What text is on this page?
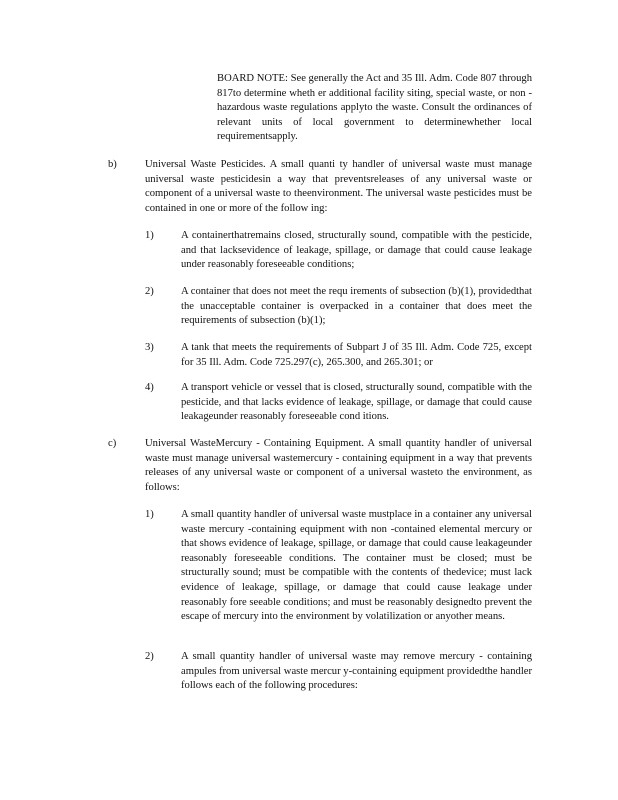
BOARD NOTE: See generally the Act and 35 Ill. Adm. Code 807 through 817to determine wheth er additional facility siting, special waste, or non -hazardous waste regulations applyto the waste. Consult the ordinances of relevant units of local government to determinewhether local requirementsapply.

b)	Universal Waste Pesticides. A small quanti ty handler of universal waste must manage universal waste pesticidesin a way that preventsreleases of any universal waste or component of a universal waste to theenvironment. The universal waste pesticides must be contained in one or more of the follow ing:

1)	A containerthatremains closed, structurally sound, compatible with the pesticide, and that lacksevidence of leakage, spillage, or damage that could cause leakage under reasonably foreseeable conditions;

2)	A container that does not meet the requ irements of subsection (b)(1), providedthat the unacceptable container is overpacked in a container that does meet the requirements of subsection (b)(1);

3)	A tank that meets the requirements of Subpart J of 35 Ill. Adm. Code 725, except for 35 Ill. Adm. Code 725.297(c), 265.300, and 265.301; or

4)	A transport vehicle or vessel that is closed, structurally sound, compatible with the pesticide, and that lacks evidence of leakage, spillage, or damage that could cause leakageunder reasonably foreseeable cond itions.

c)	Universal WasteMercury - Containing Equipment. A small quantity handler of universal waste must manage universal wastemercury - containing equipment in a way that prevents releases of any universal waste or component of a universal wasteto the environment, as follows:

1)	A small quantity handler of universal waste mustplace in a container any universal waste mercury -containing equipment with non -contained elemental mercury or that shows evidence of leakage, spillage, or damage that could cause leakageunder reasonably foreseeable conditions. The container must be closed; must be structurally sound; must be compatible with the contents of thedevice; must lack evidence of leakage, spillage, or damage that could cause leakage under reasonably fore seeable conditions; and must be reasonably designedto prevent the escape of mercury into the environment by volatilization or anyother means.

2)	A small quantity handler of universal waste may remove mercury - containing ampules from universal waste mercur y-containing equipment providedthe handler follows each of the following procedures:
